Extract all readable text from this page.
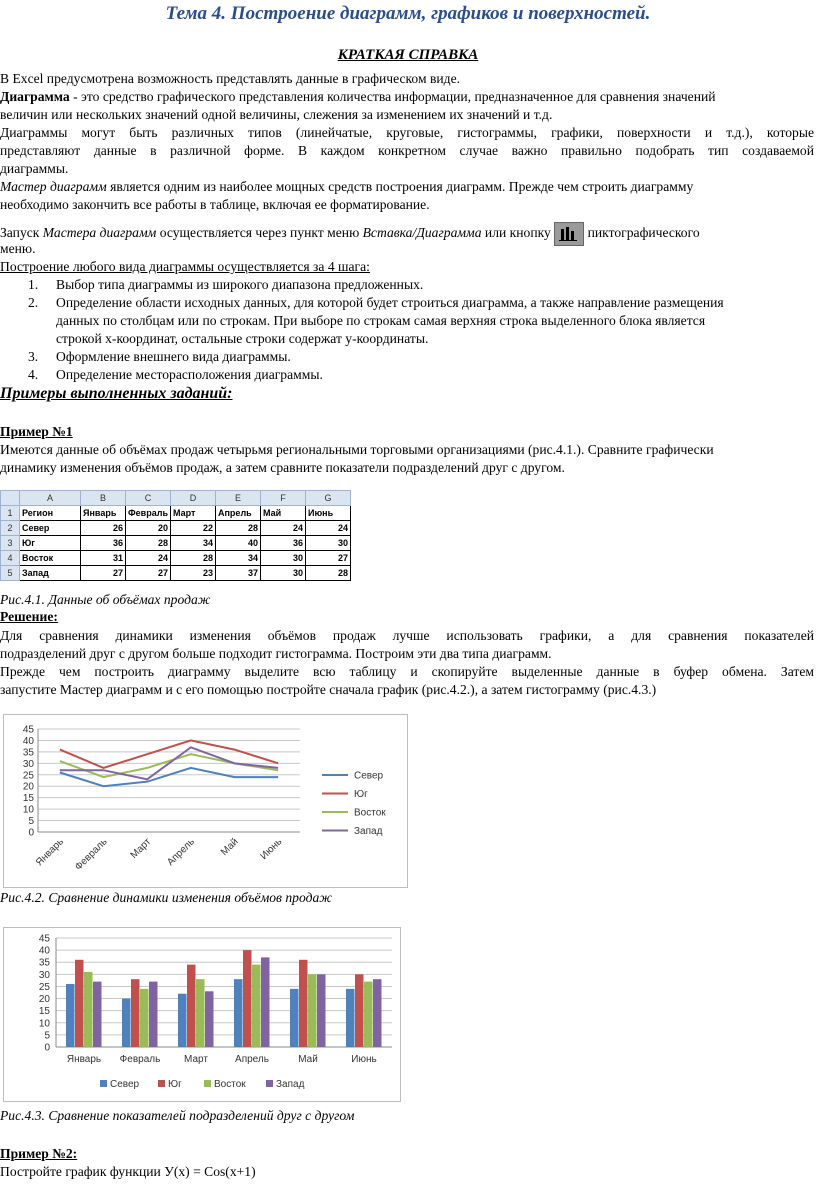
Тема 4. Построение диаграмм, графиков и поверхностей.
КРАТКАЯ СПРАВКА

В Excel предусмотрена возможность представлять данные в графическом виде.

Диаграмма - это средство графического представления количества информации, предназначенное для сравнения значений

величин или нескольких значений одной величины, слежения за изменением их значений и т.д.

Диаграммы могут быть различных типов (линейчатые, круговые, гистограммы, графики, поверхности и т.д.), которые

представляют данные в различной форме. В каждом конкретном случае важно правильно подобрать тип создаваемой

диаграммы.

Мастер диаграмм является одним из наиболее мощных средств построения диаграмм. Прежде чем строить диаграмму

необходимо закончить все работы в таблице, включая ее форматирование.

Запуск Мастера диаграмм осуществляется через пункт меню Вставка/Диаграмма или кнопку  пиктографического

меню.

Построение любого вида диаграммы осуществляется за 4 шага:

1. Выбор типа диаграммы из широкого диапазона предложенных.
2. Определение области исходных данных, для которой будет строиться диаграмма, а также направление размещения
данных по столбцам или по строкам. При выборе по строкам самая верхняя строка выделенного блока является
строкой х-координат, остальные строки содержат y-координаты.
3. Оформление внешнего вида диаграммы.
4. Определение месторасположения диаграммы.

Примеры выполненных заданий:

Пример №1

Имеются данные об объёмах продаж четырьмя региональными торговыми организациями (рис.4.1.). Сравните графически

динамику изменения объёмов продаж, а затем сравните показатели подразделений друг с другом.

	A	B	C	D	E	F	G
1	Регион	Январь	Февраль	Март	Апрель	Май	Июнь
2	Север	26	20	22	28	24	24
3	Юг	36	28	34	40	36	30
4	Восток	31	24	28	34	30	27
5	Запад	27	27	23	37	30	28
Рис.4.1. Данные об объёмах продаж

Решение:

Для сравнения динамики изменения объёмов продаж лучше использовать графики, а для сравнения показателей

подразделений друг с другом больше подходит гистограмма. Построим эти два типа диаграмм.

Прежде чем построить диаграмму выделите всю таблицу и скопируйте выделенные данные в буфер обмена. Затем

запустите Мастер диаграмм и с его помощью постройте сначала график (рис.4.2.), а затем гистограмму (рис.4.3.)

0
5
10
15
20
25
30
35
40
45
Январь Февраль Март Апрель Май Июнь
Север
Юг
Восток
Запад
Рис.4.2. Сравнение динамики изменения объёмов продаж
0
5
10
15
20
25
30
35
40
45
Январь Февраль Март	Апрель	Май	Июнь
Север	Юг	Восток	Запад
Рис.4.3. Сравнение показателей подразделений друг с другом

Пример №2:

Постройте график функции У(x) = Cos(x+1)
